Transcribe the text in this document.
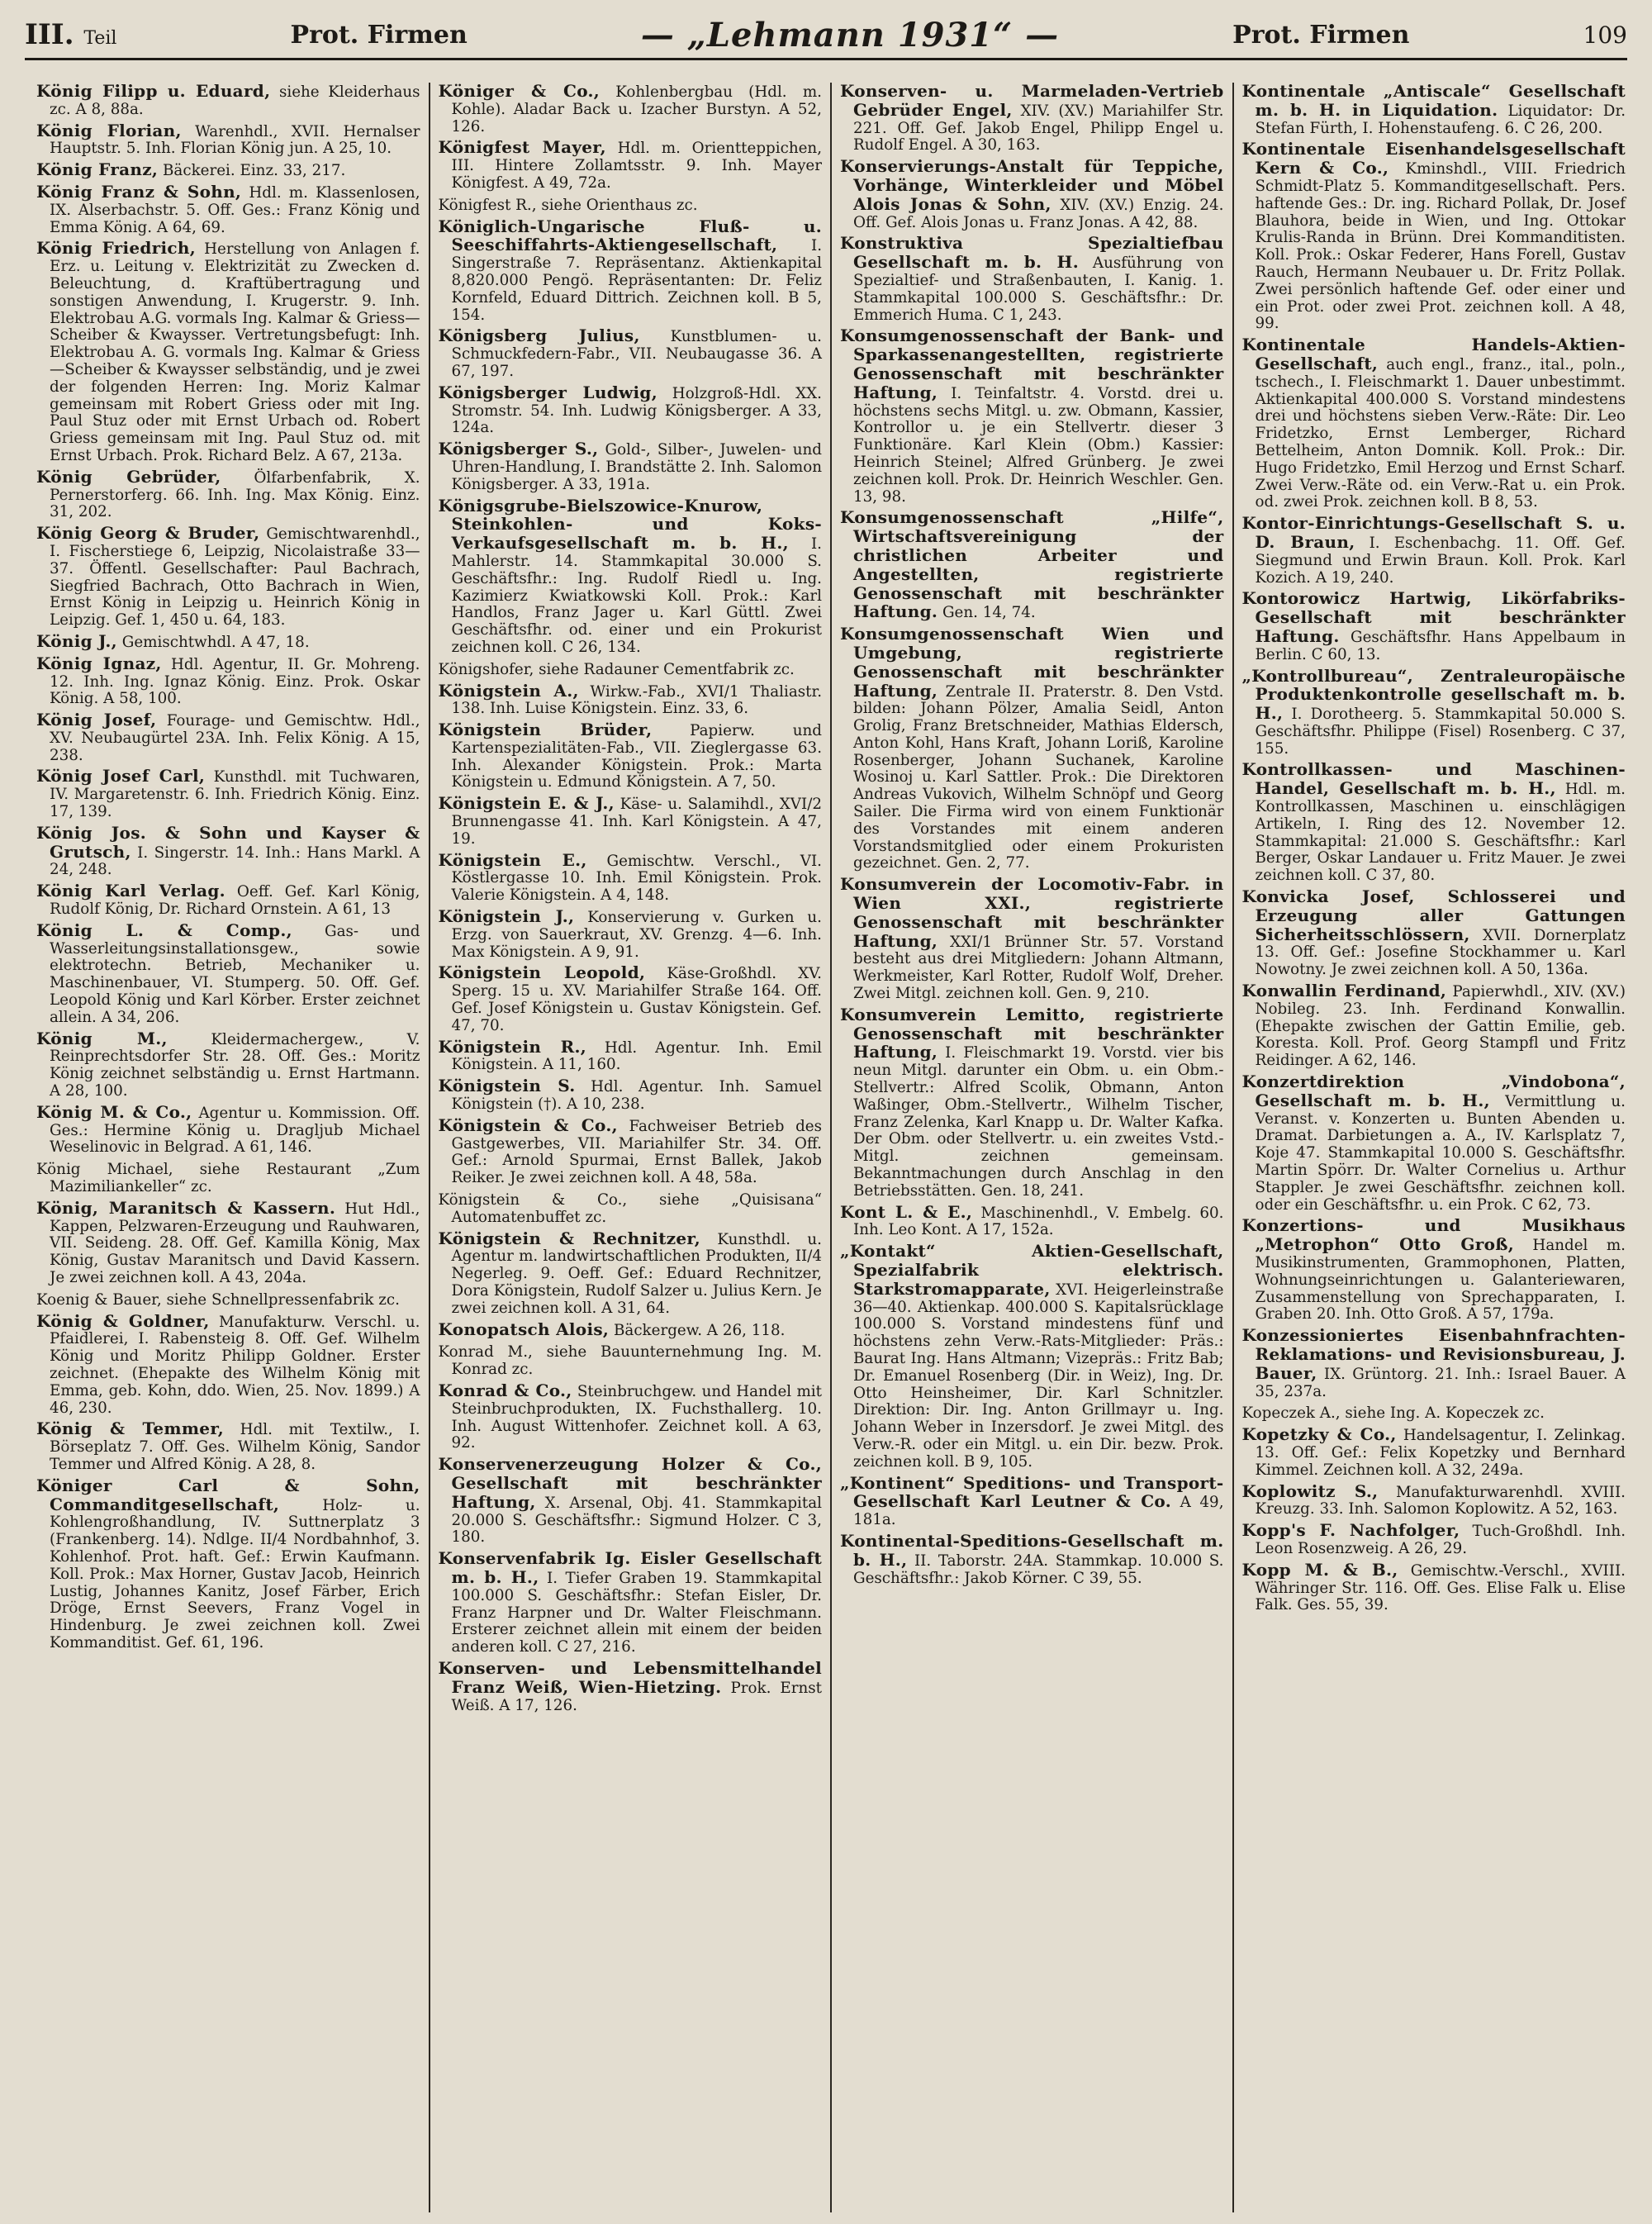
III. Teil	Prot. Firmen	— „Lehmann 1931“ —	Prot. Firmen	109

König Filipp u. Eduard, siehe Kleiderhaus zc. A 8, 88a.

König Florian, Warenhdl., XVII. Hernalser Hauptstr. 5. Inh. Florian König jun. A 25, 10.

König Franz, Bäckerei. Einz. 33, 217.

König Franz & Sohn, Hdl. m. Klassenlosen, IX. Alserbachstr. 5. Off. Ges.: Franz König und Emma König. A 64, 69.

König Friedrich, Herstellung von Anlagen f. Erz. u. Leitung v. Elektrizität zu Zwecken d. Beleuchtung, d. Kraftübertragung und sonstigen Anwendung, I. Krugerstr. 9. Inh. Elektrobau A.G. vormals Ing. Kalmar & Griess—Scheiber & Kwaysser. Vertretungsbefugt: Inh. Elektrobau A. G. vormals Ing. Kalmar & Griess—Scheiber & Kwaysser selbständig, und je zwei der folgenden Herren: Ing. Moriz Kalmar gemeinsam mit Robert Griess oder mit Ing. Paul Stuz oder mit Ernst Urbach od. Robert Griess gemeinsam mit Ing. Paul Stuz od. mit Ernst Urbach. Prok. Richard Belz. A 67, 213a.

König Gebrüder, Ölfarbenfabrik, X. Pernerstorferg. 66. Inh. Ing. Max König. Einz. 31, 202.

König Georg & Bruder, Gemischtwarenhdl., I. Fischerstiege 6, Leipzig, Nicolaistraße 33—37. Öffentl. Gesellschafter: Paul Bachrach, Siegfried Bachrach, Otto Bachrach in Wien, Ernst König in Leipzig u. Heinrich König in Leipzig. Gef. 1, 450 u. 64, 183.

König J., Gemischtwhdl. A 47, 18.

König Ignaz, Hdl. Agentur, II. Gr. Mohreng. 12. Inh. Ing. Ignaz König. Einz. Prok. Oskar König. A 58, 100.

König Josef, Fourage- und Gemischtw. Hdl., XV. Neubaugürtel 23A. Inh. Felix König. A 15, 238.

König Josef Carl, Kunsthdl. mit Tuchwaren, IV. Margaretenstr. 6. Inh. Friedrich König. Einz. 17, 139.

König Jos. & Sohn und Kayser & Grutsch, I. Singerstr. 14. Inh.: Hans Markl. A 24, 248.

König Karl Verlag. Oeff. Gef. Karl König, Rudolf König, Dr. Richard Ornstein. A 61, 13

König L. & Comp., Gas- und Wasserleitungsinstallationsgew., sowie elektrotechn. Betrieb, Mechaniker u. Maschinenbauer, VI. Stumperg. 50. Off. Gef. Leopold König und Karl Körber. Erster zeichnet allein. A 34, 206.

König M., Kleidermachergew., V. Reinprechtsdorfer Str. 28. Off. Ges.: Moritz König zeichnet selbständig u. Ernst Hartmann. A 28, 100.

König M. & Co., Agentur u. Kommission. Off. Ges.: Hermine König u. Dragljub Michael Weselinovic in Belgrad. A 61, 146.

König Michael, siehe Restaurant „Zum Mazimiliankeller“ zc.

König, Maranitsch & Kassern. Hut Hdl., Kappen, Pelzwaren-Erzeugung und Rauhwaren, VII. Seideng. 28. Off. Gef. Kamilla König, Max König, Gustav Maranitsch und David Kassern. Je zwei zeichnen koll. A 43, 204a.

Koenig & Bauer, siehe Schnellpressenfabrik zc.

König & Goldner, Manufakturw. Verschl. u. Pfaidlerei, I. Rabensteig 8. Off. Gef. Wilhelm König und Moritz Philipp Goldner. Erster zeichnet. (Ehepakte des Wilhelm König mit Emma, geb. Kohn, ddo. Wien, 25. Nov. 1899.) A 46, 230.

König & Temmer, Hdl. mit Textilw., I. Börseplatz 7. Off. Ges. Wilhelm König, Sandor Temmer und Alfred König. A 28, 8.

Königer Carl & Sohn, Commanditgesellschaft, Holz- u. Kohlengroßhandlung, IV. Suttnerplatz 3 (Frankenberg. 14). Ndlge. II/4 Nordbahnhof, 3. Kohlenhof. Prot. haft. Gef.: Erwin Kaufmann. Koll. Prok.: Max Horner, Gustav Jacob, Heinrich Lustig, Johannes Kanitz, Josef Färber, Erich Dröge, Ernst Seevers, Franz Vogel in Hindenburg. Je zwei zeichnen koll. Zwei Kommanditist. Gef. 61, 196.

Königer & Co., Kohlenbergbau (Hdl. m. Kohle). Aladar Back u. Izacher Burstyn. A 52, 126.

Königfest Mayer, Hdl. m. Orientteppichen, III. Hintere Zollamtsstr. 9. Inh. Mayer Königfest. A 49, 72a.

Königfest R., siehe Orienthaus zc.

Königlich-Ungarische Fluß- u. Seeschiffahrts-Aktiengesellschaft, I. Singerstraße 7. Repräsentanz. Aktienkapital 8,820.000 Pengö. Repräsentanten: Dr. Feliz Kornfeld, Eduard Dittrich. Zeichnen koll. B 5, 154.

Königsberg Julius, Kunstblumen- u. Schmuckfedern-Fabr., VII. Neubaugasse 36. A 67, 197.

Königsberger Ludwig, Holzgroß-Hdl. XX. Stromstr. 54. Inh. Ludwig Königsberger. A 33, 124a.

Königsberger S., Gold-, Silber-, Juwelen- und Uhren-Handlung, I. Brandstätte 2. Inh. Salomon Königsberger. A 33, 191a.

Königsgrube-Bielszowice-Knurow, Steinkohlen- und Koks-Verkaufsgesellschaft m. b. H., I. Mahlerstr. 14. Stammkapital 30.000 S. Geschäftsfhr.: Ing. Rudolf Riedl u. Ing. Kazimierz Kwiatkowski Koll. Prok.: Karl Handlos, Franz Jager u. Karl Güttl. Zwei Geschäftsfhr. od. einer und ein Prokurist zeichnen koll. C 26, 134.

Königshofer, siehe Radauner Cementfabrik zc.

Königstein A., Wirkw.-Fab., XVI/1 Thaliastr. 138. Inh. Luise Königstein. Einz. 33, 6.

Königstein Brüder, Papierw. und Kartenspezialitäten-Fab., VII. Zieglergasse 63. Inh. Alexander Königstein. Prok.: Marta Königstein u. Edmund Königstein. A 7, 50.

Königstein E. & J., Käse- u. Salamihdl., XVI/2 Brunnengasse 41. Inh. Karl Königstein. A 47, 19.

Königstein E., Gemischtw. Verschl., VI. Köstlergasse 10. Inh. Emil Königstein. Prok. Valerie Königstein. A 4, 148.

Königstein J., Konservierung v. Gurken u. Erzg. von Sauerkraut, XV. Grenzg. 4—6. Inh. Max Königstein. A 9, 91.

Königstein Leopold, Käse-Großhdl. XV. Sperg. 15 u. XV. Mariahilfer Straße 164. Off. Gef. Josef Königstein u. Gustav Königstein. Gef. 47, 70.

Königstein R., Hdl. Agentur. Inh. Emil Königstein. A 11, 160.

Königstein S. Hdl. Agentur. Inh. Samuel Königstein (†). A 10, 238.

Königstein & Co., Fachweiser Betrieb des Gastgewerbes, VII. Mariahilfer Str. 34. Off. Gef.: Arnold Spurmai, Ernst Ballek, Jakob Reiker. Je zwei zeichnen koll. A 48, 58a.

Königstein & Co., siehe „Quisisana“ Automatenbuffet zc.

Königstein & Rechnitzer, Kunsthdl. u. Agentur m. landwirtschaftlichen Produkten, II/4 Negerleg. 9. Oeff. Gef.: Eduard Rechnitzer, Dora Königstein, Rudolf Salzer u. Julius Kern. Je zwei zeichnen koll. A 31, 64.

Konopatsch Alois, Bäckergew. A 26, 118.

Konrad M., siehe Bauunternehmung Ing. M. Konrad zc.

Konrad & Co., Steinbruchgew. und Handel mit Steinbruchprodukten, IX. Fuchsthallerg. 10. Inh. August Wittenhofer. Zeichnet koll. A 63, 92.

Konservenerzeugung Holzer & Co., Gesellschaft mit beschränkter Haftung, X. Arsenal, Obj. 41. Stammkapital 20.000 S. Geschäftsfhr.: Sigmund Holzer. C 3, 180.

Konservenfabrik Ig. Eisler Gesellschaft m. b. H., I. Tiefer Graben 19. Stammkapital 100.000 S. Geschäftsfhr.: Stefan Eisler, Dr. Franz Harpner und Dr. Walter Fleischmann. Ersterer zeichnet allein mit einem der beiden anderen koll. C 27, 216.

Konserven- und Lebensmittelhandel Franz Weiß, Wien-Hietzing. Prok. Ernst Weiß. A 17, 126.

Konserven- u. Marmeladen-Vertrieb Gebrüder Engel, XIV. (XV.) Mariahilfer Str. 221. Off. Gef. Jakob Engel, Philipp Engel u. Rudolf Engel. A 30, 163.

Konservierungs-Anstalt für Teppiche, Vorhänge, Winterkleider und Möbel Alois Jonas & Sohn, XIV. (XV.) Enzig. 24. Off. Gef. Alois Jonas u. Franz Jonas. A 42, 88.

Konstruktiva Spezialtiefbau Gesellschaft m. b. H. Ausführung von Spezialtief- und Straßenbauten, I. Kanig. 1. Stammkapital 100.000 S. Geschäftsfhr.: Dr. Emmerich Huma. C 1, 243.

Konsumgenossenschaft der Bank- und Sparkassenangestellten, registrierte Genossenschaft mit beschränkter Haftung, I. Teinfaltstr. 4. Vorstd. drei u. höchstens sechs Mitgl. u. zw. Obmann, Kassier, Kontrollor u. je ein Stellvertr. dieser 3 Funktionäre. Karl Klein (Obm.) Kassier: Heinrich Steinel; Alfred Grünberg. Je zwei zeichnen koll. Prok. Dr. Heinrich Weschler. Gen. 13, 98.

Konsumgenossenschaft „Hilfe“, Wirtschaftsvereinigung der christlichen Arbeiter und Angestellten, registrierte Genossenschaft mit beschränkter Haftung. Gen. 14, 74.

Konsumgenossenschaft Wien und Umgebung, registrierte Genossenschaft mit beschränkter Haftung, Zentrale II. Praterstr. 8. Den Vstd. bilden: Johann Pölzer, Amalia Seidl, Anton Grolig, Franz Bretschneider, Mathias Eldersch, Anton Kohl, Hans Kraft, Johann Loriß, Karoline Rosenberger, Johann Suchanek, Karoline Wosinoj u. Karl Sattler. Prok.: Die Direktoren Andreas Vukovich, Wilhelm Schnöpf und Georg Sailer. Die Firma wird von einem Funktionär des Vorstandes mit einem anderen Vorstandsmitglied oder einem Prokuristen gezeichnet. Gen. 2, 77.

Konsumverein der Locomotiv-Fabr. in Wien XXI., registrierte Genossenschaft mit beschränkter Haftung, XXI/1 Brünner Str. 57. Vorstand besteht aus drei Mitgliedern: Johann Altmann, Werkmeister, Karl Rotter, Rudolf Wolf, Dreher. Zwei Mitgl. zeichnen koll. Gen. 9, 210.

Konsumverein Lemitto, registrierte Genossenschaft mit beschränkter Haftung, I. Fleischmarkt 19. Vorstd. vier bis neun Mitgl. darunter ein Obm. u. ein Obm.-Stellvertr.: Alfred Scolik, Obmann, Anton Waßinger, Obm.-Stellvertr., Wilhelm Tischer, Franz Zelenka, Karl Knapp u. Dr. Walter Kafka. Der Obm. oder Stellvertr. u. ein zweites Vstd.-Mitgl. zeichnen gemeinsam. Bekanntmachungen durch Anschlag in den Betriebsstätten. Gen. 18, 241.

Kont L. & E., Maschinenhdl., V. Embelg. 60. Inh. Leo Kont. A 17, 152a.

„Kontakt“ Aktien-Gesellschaft, Spezialfabrik elektrisch. Starkstromapparate, XVI. Heigerleinstraße 36—40. Aktienkap. 400.000 S. Kapitalsrücklage 100.000 S. Vorstand mindestens fünf und höchstens zehn Verw.-Rats-Mitglieder: Präs.: Baurat Ing. Hans Altmann; Vizepräs.: Fritz Bab; Dr. Emanuel Rosenberg (Dir. in Weiz), Ing. Dr. Otto Heinsheimer, Dir. Karl Schnitzler. Direktion: Dir. Ing. Anton Grillmayr u. Ing. Johann Weber in Inzersdorf. Je zwei Mitgl. des Verw.-R. oder ein Mitgl. u. ein Dir. bezw. Prok. zeichnen koll. B 9, 105.

„Kontinent“ Speditions- und Transport-Gesellschaft Karl Leutner & Co. A 49, 181a.

Kontinental-Speditions-Gesellschaft m. b. H., II. Taborstr. 24A. Stammkap. 10.000 S. Geschäftsfhr.: Jakob Körner. C 39, 55.

Kontinentale „Antiscale“ Gesellschaft m. b. H. in Liquidation. Liquidator: Dr. Stefan Fürth, I. Hohenstaufeng. 6. C 26, 200.

Kontinentale Eisenhandelsgesellschaft Kern & Co., Kminshdl., VIII. Friedrich Schmidt-Platz 5. Kommanditgesellschaft. Pers. haftende Ges.: Dr. ing. Richard Pollak, Dr. Josef Blauhora, beide in Wien, und Ing. Ottokar Krulis-Randa in Brünn. Drei Kommanditisten. Koll. Prok.: Oskar Federer, Hans Forell, Gustav Rauch, Hermann Neubauer u. Dr. Fritz Pollak. Zwei persönlich haftende Gef. oder einer und ein Prot. oder zwei Prot. zeichnen koll. A 48, 99.

Kontinentale Handels-Aktien-Gesellschaft, auch engl., franz., ital., poln., tschech., I. Fleischmarkt 1. Dauer unbestimmt. Aktienkapital 400.000 S. Vorstand mindestens drei und höchstens sieben Verw.-Räte: Dir. Leo Fridetzko, Ernst Lemberger, Richard Bettelheim, Anton Domnik. Koll. Prok.: Dir. Hugo Fridetzko, Emil Herzog und Ernst Scharf. Zwei Verw.-Räte od. ein Verw.-Rat u. ein Prok. od. zwei Prok. zeichnen koll. B 8, 53.

Kontor-Einrichtungs-Gesellschaft S. u. D. Braun, I. Eschenbachg. 11. Off. Gef. Siegmund und Erwin Braun. Koll. Prok. Karl Kozich. A 19, 240.

Kontorowicz Hartwig, Likörfabriks-Gesellschaft mit beschränkter Haftung. Geschäftsfhr. Hans Appelbaum in Berlin. C 60, 13.

„Kontrollbureau“, Zentraleuropäische Produktenkontrolle gesellschaft m. b. H., I. Dorotheerg. 5. Stammkapital 50.000 S. Geschäftsfhr. Philippe (Fisel) Rosenberg. C 37, 155.

Kontrollkassen- und Maschinen-Handel, Gesellschaft m. b. H., Hdl. m. Kontrollkassen, Maschinen u. einschlägigen Artikeln, I. Ring des 12. November 12. Stammkapital: 21.000 S. Geschäftsfhr.: Karl Berger, Oskar Landauer u. Fritz Mauer. Je zwei zeichnen koll. C 37, 80.

Konvicka Josef, Schlosserei und Erzeugung aller Gattungen Sicherheitsschlössern, XVII. Dornerplatz 13. Off. Gef.: Josefine Stockhammer u. Karl Nowotny. Je zwei zeichnen koll. A 50, 136a.

Konwallin Ferdinand, Papierwhdl., XIV. (XV.) Nobileg. 23. Inh. Ferdinand Konwallin. (Ehepakte zwischen der Gattin Emilie, geb. Koresta. Koll. Prof. Georg Stampfl und Fritz Reidinger. A 62, 146.

Konzertdirektion „Vindobona“, Gesellschaft m. b. H., Vermittlung u. Veranst. v. Konzerten u. Bunten Abenden u. Dramat. Darbietungen a. A., IV. Karlsplatz 7, Koje 47. Stammkapital 10.000 S. Geschäftsfhr. Martin Spörr. Dr. Walter Cornelius u. Arthur Stappler. Je zwei Geschäftsfhr. zeichnen koll. oder ein Geschäftsfhr. u. ein Prok. C 62, 73.

Konzertions- und Musikhaus „Metrophon“ Otto Groß, Handel m. Musikinstrumenten, Grammophonen, Platten, Wohnungseinrichtungen u. Galanteriewaren, Zusammenstellung von Sprechapparaten, I. Graben 20. Inh. Otto Groß. A 57, 179a.

Konzessioniertes Eisenbahnfrachten-Reklamations- und Revisionsbureau, J. Bauer, IX. Grüntorg. 21. Inh.: Israel Bauer. A 35, 237a.

Kopeczek A., siehe Ing. A. Kopeczek zc.

Kopetzky & Co., Handelsagentur, I. Zelinkag. 13. Off. Gef.: Felix Kopetzky und Bernhard Kimmel. Zeichnen koll. A 32, 249a.

Koplowitz S., Manufakturwarenhdl. XVIII. Kreuzg. 33. Inh. Salomon Koplowitz. A 52, 163.

Kopp's F. Nachfolger, Tuch-Großhdl. Inh. Leon Rosenzweig. A 26, 29.

Kopp M. & B., Gemischtw.-Verschl., XVIII. Währinger Str. 116. Off. Ges. Elise Falk u. Elise Falk. Ges. 55, 39.
